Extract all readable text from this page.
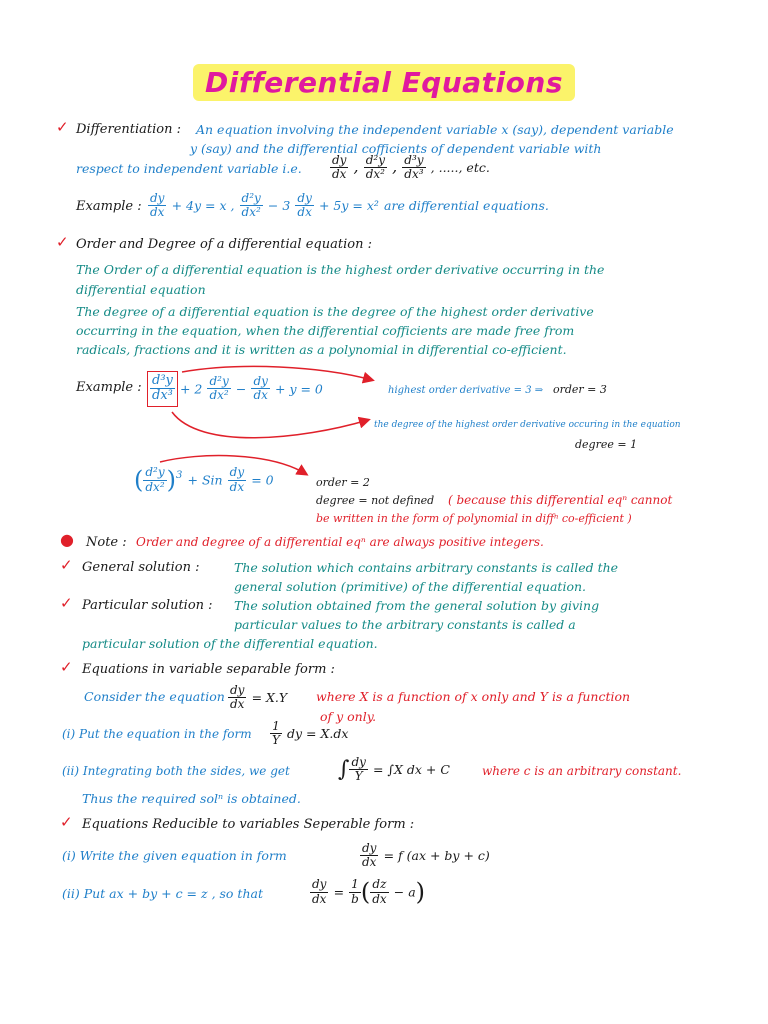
Differential Equations
✓ Differentiation : An equation involving the independent variable x (say), dependent variable
y (say) and the differential cofficients of dependent variable with
respect to independent variable i.e. $\frac{dy}{dx}$ , $\frac{\text{d²y}}{\text{dx²}}$ , $\frac{\text{d³y}}{\text{dx³}}$ , ....., etc.
Example : $\frac{dy}{dx} + 4y = x$ , $\frac{\text{d²y}}{\text{dx²}} - 3 \frac{dy}{dx} + 5y = x^2$ are differential equations.
✓ Order and Degree of a differential equation :
The Order of a differential equation is the highest order derivative occurring in the
differential equation
The degree of a differential equation is the degree of the highest order derivative
occurring in the equation, when the differential cofficients are made free from
radicals, fractions and it is written as a polynomial in differential co-efficient.
Example : $\frac{\text{d³y}}{\text{dx³}} + 2 \frac{\text{d²y}}{\text{dx²}} - \frac{dy}{dx} + y = 0$	highest order derivative = 3 ⇒ order = 3
the degree of the highest order derivative occuring in the equation
degree = 1
( $\frac{\text{d²y}}{\text{dx²}} )^3$ + Sin $\frac{dy}{dx} = 0$	order = 2
degree = not defined ( because this differential eqⁿ cannot
be written in the form of polynomial in diffⁿ co-efficient )
● Note : Order and degree of a differential eqⁿ are always positive integers.
✓ General solution :	The solution which contains arbitrary constants is called the
general solution (primitive) of the differential equation.
✓ Particular solution : The solution obtained from the general solution by giving
particular values to the arbitrary constants is called a
particular solution of the differential equation.
✓ Equations in variable separable form :
Consider the equation $\frac{dy}{dx} = X.Y$ where X is a function of x only and Y is a function
of y only.
(i) Put the equation in the form $\frac{1}{Y}$ dy = X.dx
(ii) Integrating both the sides, we get ∫ $\frac{dy}{Y} = \int X$ dx + C	where c is an arbitrary constant.
Thus the required solⁿ is obtained.
✓ Equations Reducible to variables Seperable form :
(i) Write the given equation in form	$\frac{dy}{dx} = f$ (ax + by + c)
(ii) Put ax + by + c = z , so that	$\frac{dy}{dx} = \frac{1}{b}$ ( $\frac{dz}{dx} - a$)
